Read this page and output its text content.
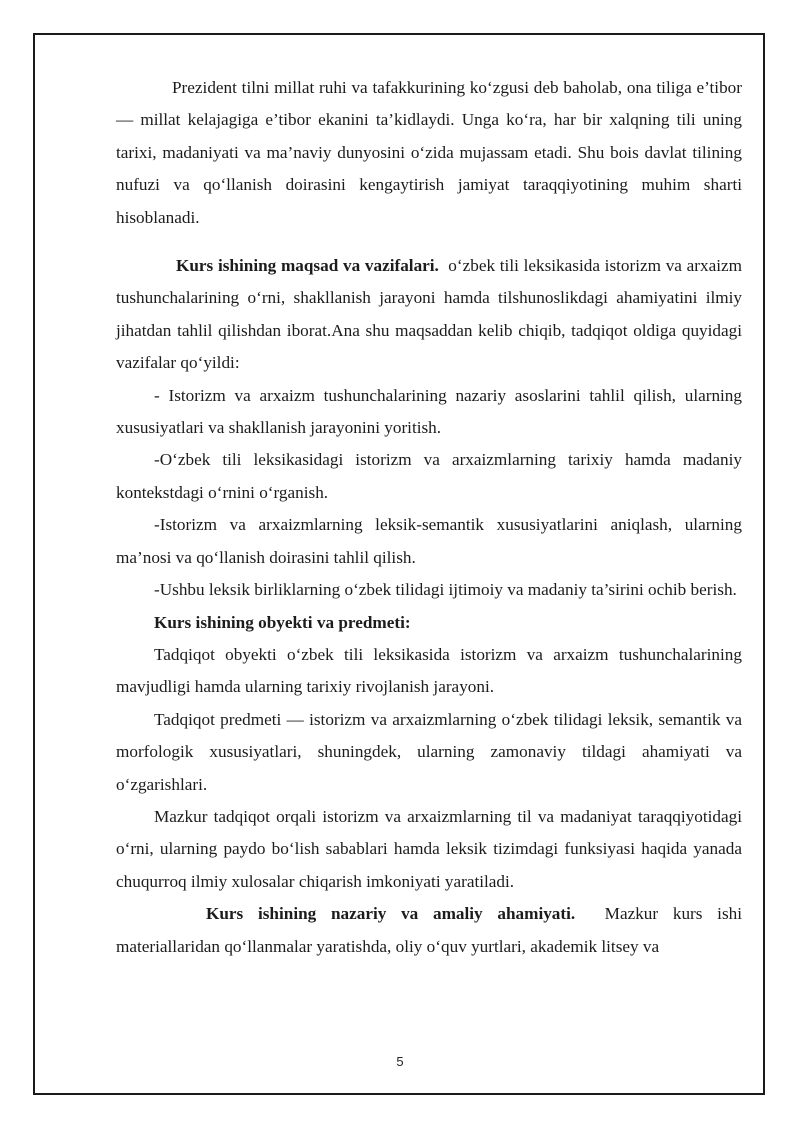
Prezident tilni millat ruhi va tafakkurining ko‘zgusi deb baholab, ona tiliga e’tibor — millat kelajagiga e’tibor ekanini ta’kidlaydi. Unga ko‘ra, har bir xalqning tili uning tarixi, madaniyati va ma’naviy dunyosini o‘zida mujassam etadi. Shu bois davlat tilining nufuzi va qo‘llanish doirasini kengaytirish jamiyat taraqqiyotining muhim sharti hisoblanadi.

Kurs ishining maqsad va vazifalari. o‘zbek tili leksikasida istorizm va arxaizm tushunchalarining o‘rni, shakllanish jarayoni hamda tilshunoslikdagi ahamiyatini ilmiy jihatdan tahlil qilishdan iborat.Ana shu maqsaddan kelib chiqib, tadqiqot oldiga quyidagi vazifalar qo‘yildi:

- Istorizm va arxaizm tushunchalarining nazariy asoslarini tahlil qilish, ularning xususiyatlari va shakllanish jarayonini yoritish.

-O‘zbek tili leksikasidagi istorizm va arxaizmlarning tarixiy hamda madaniy kontekstdagi o‘rnini o‘rganish.

-Istorizm va arxaizmlarning leksik-semantik xususiyatlarini aniqlash, ularning ma’nosi va qo‘llanish doirasini tahlil qilish.

-Ushbu leksik birliklarning o‘zbek tilidagi ijtimoiy va madaniy ta’sirini ochib berish.

Kurs ishining obyekti va predmeti:

Tadqiqot obyekti o‘zbek tili leksikasida istorizm va arxaizm tushunchalarining mavjudligi hamda ularning tarixiy rivojlanish jarayoni.

Tadqiqot predmeti — istorizm va arxaizmlarning o‘zbek tilidagi leksik, semantik va morfologik xususiyatlari, shuningdek, ularning zamonaviy tildagi ahamiyati va o‘zgarishlari.

Mazkur tadqiqot orqali istorizm va arxaizmlarning til va madaniyat taraqqiyotidagi o‘rni, ularning paydo bo‘lish sabablari hamda leksik tizimdagi funksiyasi haqida yanada chuqurroq ilmiy xulosalar chiqarish imkoniyati yaratiladi.

Kurs ishining nazariy va amaliy ahamiyati. Mazkur kurs ishi materiallaridan qo‘llanmalar yaratishda, oliy o‘quv yurtlari, akademik litsey va

5
